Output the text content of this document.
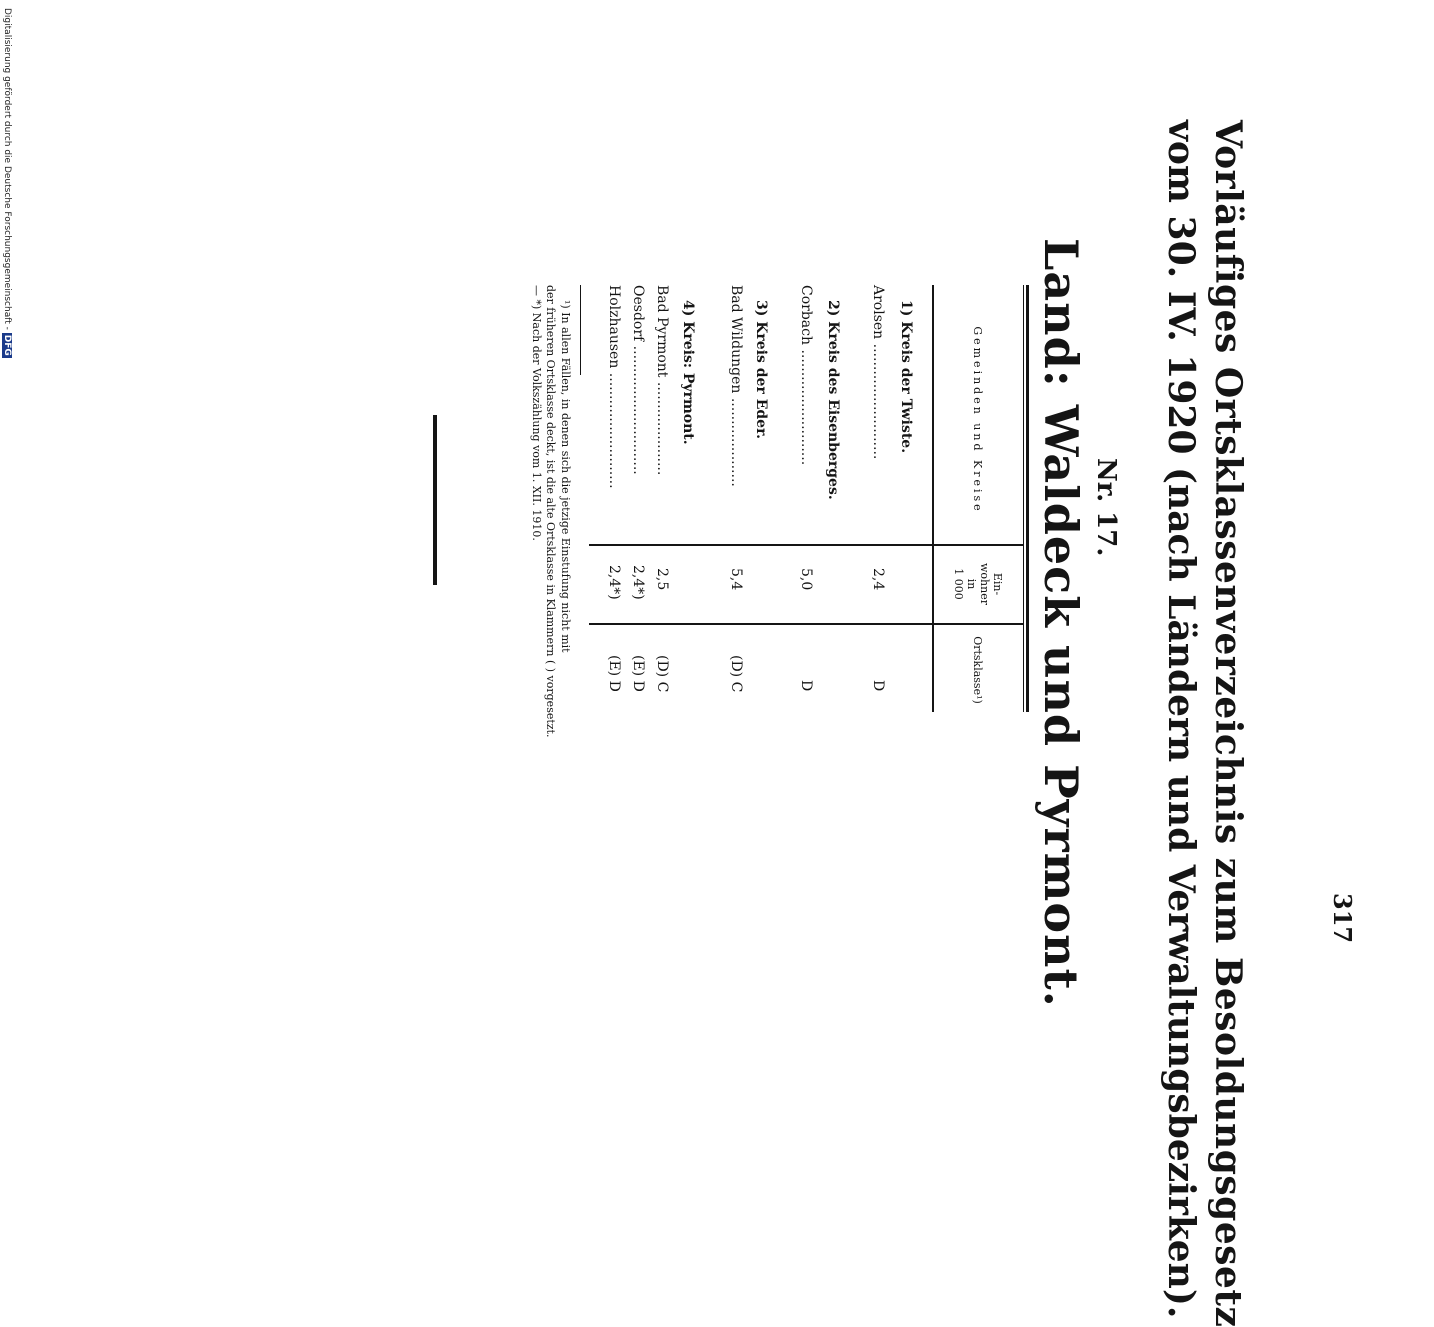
317
Vorläufiges Ortsklassenverzeichnis zum Besoldungsgesetz
vom 30. IV. 1920 (nach Ländern und Verwaltungsbezirken).
Nr. 17.
Land: Waldeck und Pyrmont.
Gemeinden und Kreise
Ein-
wohner
in
1 000
Ortsklasse¹)
1) Kreis der Twiste.
Arolsen ..........................
2,4
D
2) Kreis des Eisenberges.
Corbach ..........................
5,0
D
3) Kreis der Eder.
Bad Wildungen ....................
5,4
(D) C
4) Kreis: Pyrmont.
Bad Pyrmont .....................
2,5
(D) C
Oesdorf .............................
2,4*)
(E) D
Holzhausen ..........................
2,4*)
(E) D
¹) In allen Fällen, in denen sich die jetzige Einstufung nicht mit
der früheren Ortsklasse deckt, ist die alte Ortsklasse in Klammern ( ) vorgesetzt.
— *) Nach der Volkszählung vom 1. XII. 1910.
Digitalisierung gefördert durch die Deutsche Forschungsgemeinschaft - DFG
